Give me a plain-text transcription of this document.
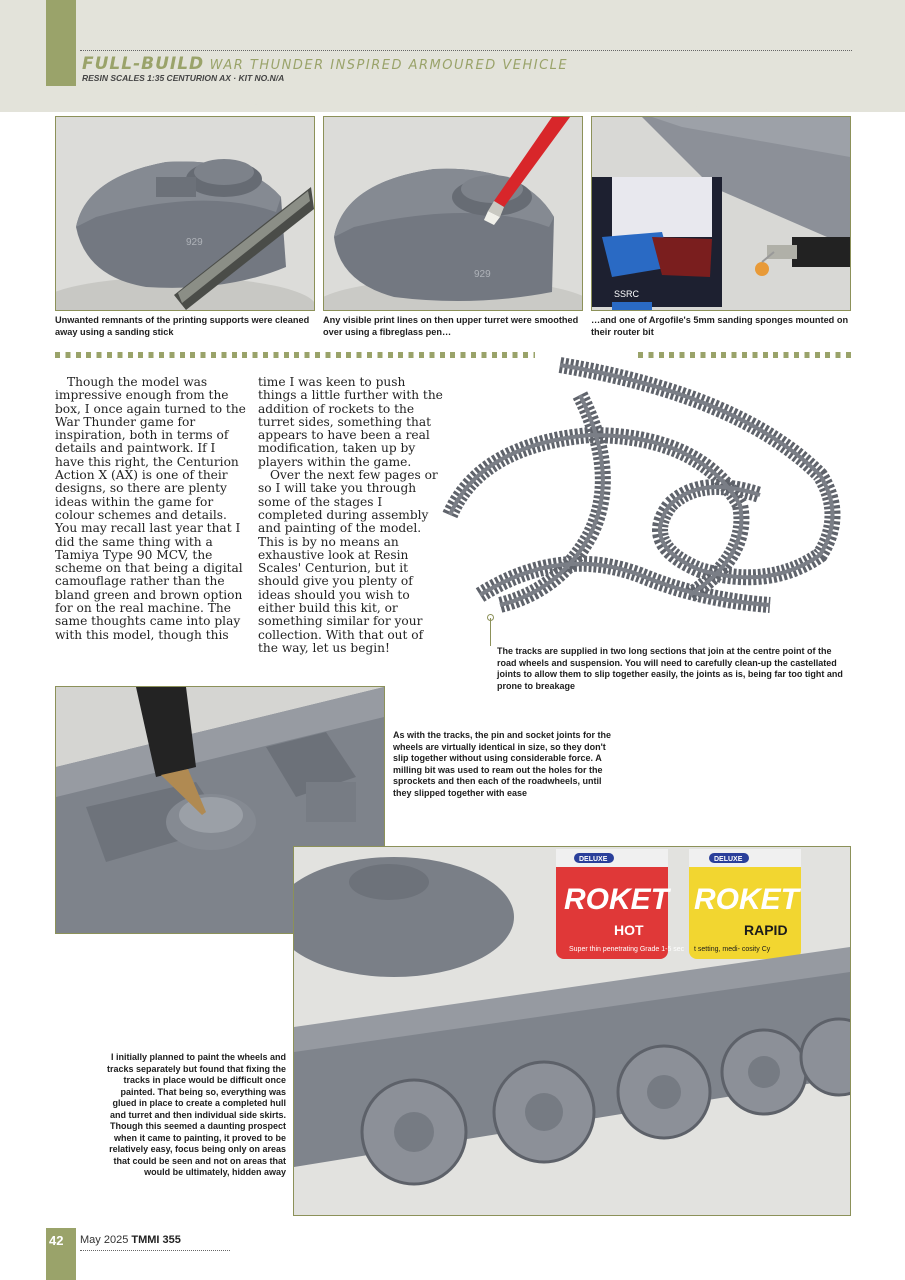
FULL-BUILD WAR THUNDER INSPIRED ARMOURED VEHICLE
RESIN SCALES 1:35 CENTURION AX · KIT NO.N/A
929
Unwanted remnants of the printing supports were cleaned away using a sanding stick
929
Any visible print lines on then upper turret were smoothed over using a fibreglass pen…
SSRC
…and one of Argofile's 5mm sanding sponges mounted on their router bit

Though the model was impressive enough from the box, I once again turned to the War Thunder game for inspiration, both in terms of details and paintwork. If I have this right, the Centurion Action X (AX) is one of their designs, so there are plenty ideas within the game for colour schemes and details. You may recall last year that I did the same thing with a Tamiya Type 90 MCV, the scheme on that being a digital camouflage rather than the bland green and brown option for on the real machine. The same thoughts came into play with this model, though this

time I was keen to push things a little further with the addition of rockets to the turret sides, something that appears to have been a real modification, taken up by players within the game.

Over the next few pages or so I will take you through some of the stages I completed during assembly and painting of the model. This is by no means an exhaustive look at Resin Scales' Centurion, but it should give you plenty of ideas should you wish to either build this kit, or something similar for your collection. With that out of the way, let us begin!	The tracks are supplied in two long sections that join at the centre point of the road wheels and suspension. You will need to carefully clean-up the castellated joints to allow them to slip together easily, the joints as is, being far too tight and prone to breakage
As with the tracks, the pin and socket joints for the wheels are virtually identical in size, so they don't slip together without using considerable force. A milling bit was used to ream out the holes for the sprockets and then each of the roadwheels, until they slipped together with ease
DELUXE	DELUXE
ROKET
HOT
Super thin penetrating Grade 1-5 sec
ROKET
RAPID
t setting, medi- cosity Cy
I initially planned to paint the wheels and tracks separately but found that fixing the tracks in place would be difficult once painted. That being so, everything was glued in place to create a completed hull and turret and then individual side skirts. Though this seemed a daunting prospect when it came to painting, it proved to be relatively easy, focus being only on areas that could be seen and not on areas that would be ultimately, hidden away
42 May 2025 TMMI 355
